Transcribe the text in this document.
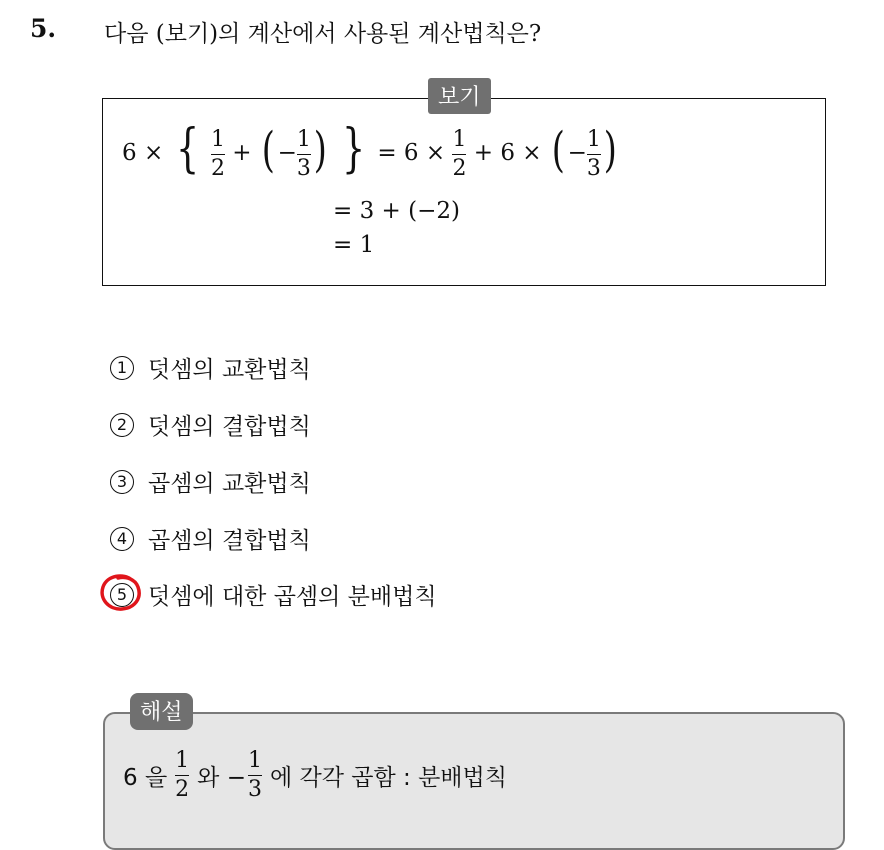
5. 다음 (보기)의 계산에서 사용된 계산법칙은?
보기
6 × { $\frac{1}{2}$ + ( − $\frac{1}{3}$ ) } = $6 \times \frac{1}{2} + 6$ × ( − $\frac{1}{3}$ )
= 3 + (−2)
= 1
1 덧셈의 교환법칙
2 덧셈의 결합법칙
3 곱셈의 교환법칙
4 곱셈의 결합법칙
5 덧셈에 대한 곱셈의 분배법칙
해설
6 을 $\frac{1}{2}$ 와 − $\frac{1}{3}$ 에 각각 곱함 : 분배법칙
